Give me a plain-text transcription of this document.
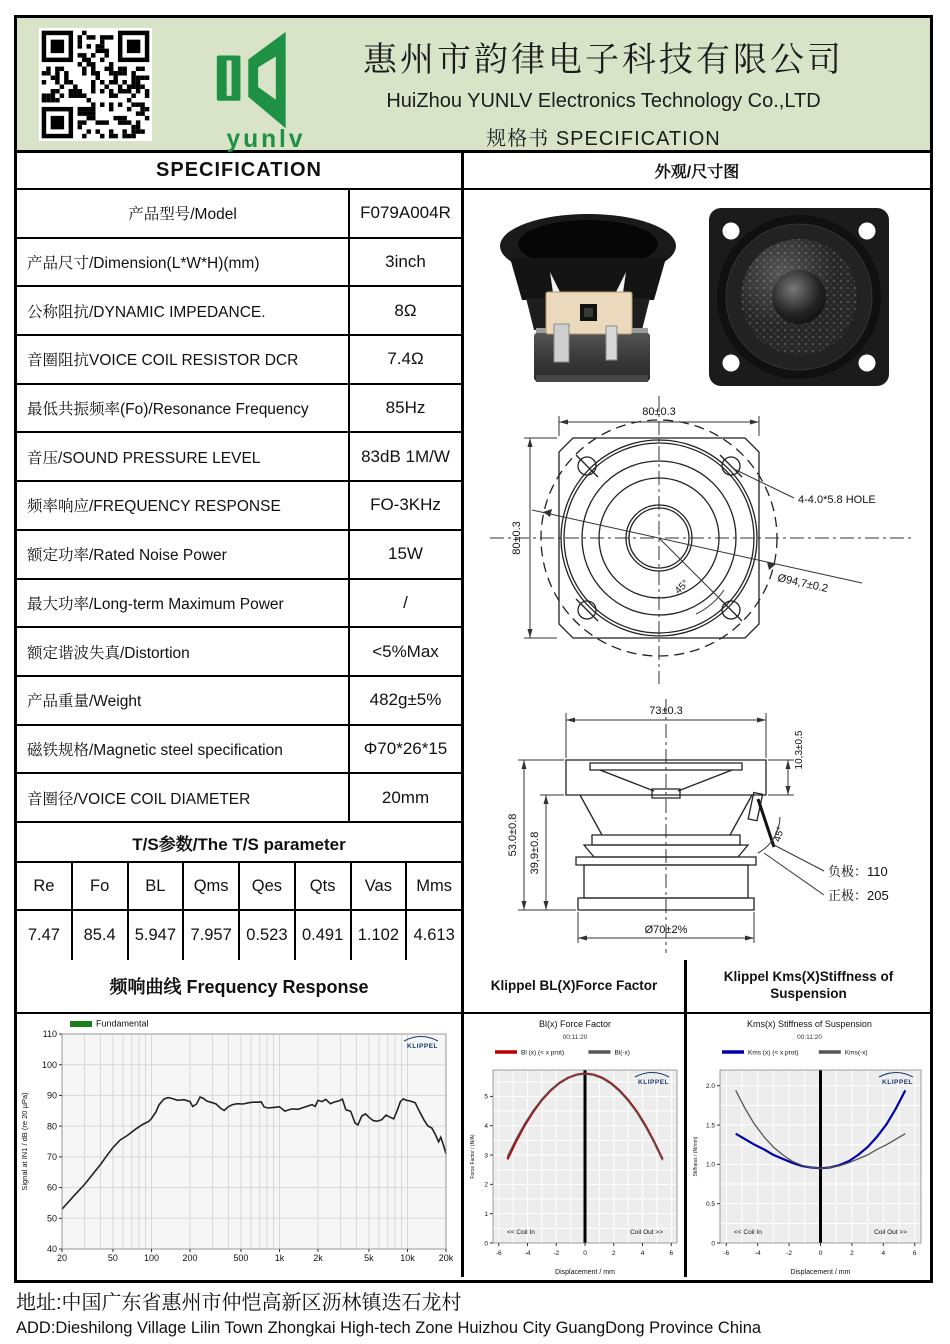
yunlv
惠州市韵律电子科技有限公司
HuiZhou YUNLV Electronics Technology Co.,LTD
规格书 SPECIFICATION
SPECIFICATION
产品型号/Model	F079A004R
产品尺寸/Dimension(L*W*H)(mm)	3inch
公称阻抗/DYNAMIC IMPEDANCE.	8Ω
音圈阻抗VOICE COIL RESISTOR DCR	7.4Ω
最低共振频率(Fo)/Resonance Frequency	85Hz
音压/SOUND PRESSURE LEVEL	83dB 1M/W
频率响应/FREQUENCY RESPONSE	FO-3KHz
额定功率/Rated Noise Power	15W
最大功率/Long-term Maximum Power	/
额定谐波失真/Distortion	<5%Max
产品重量/Weight	482g±5%
磁铁规格/Magnetic steel specification	Φ70*26*15
音圈径/VOICE COIL DIAMETER	20mm
T/S参数/The T/S parameter
Re	Fo	BL	Qms	Qes	Qts	Vas	Mms
7.47	85.4	5.947 7.957 0.523 0.491 1.102 4.613
外观/尺寸图
80±0.3
80±0.3
4-4.0*5.8 HOLE
Ø94,7±0.2
45°
73±0.3
10,3±0.5
53.0±0.8 39,9±0.8
Ø70±2%
45°
负极：110
正极：205
频响曲线 Frequency Response
20	50	100	200	500	1k	2k	5k	10k	20k
40
50
60
70
80
90
100
110
Signal at IN1 / dB (re 20 µPa)
Fundamental
KLIPPEL
Klippel BL(X)Force Factor
-6	-4	-2	0	2	4	6
0
1
2
3
4
5
Displacement / mm
Force Factor / (N/A)
Bl(x) Force Factor
00:11:20
<< Coil In	Coil Out >>
Bl (x) (< x prot)	Bl(-x)
KLIPPEL
Klippel Kms(X)Stiffness of Suspension
-6	-4	-2	0	2	4	6
0
0.5
1.0
1.5
2.0
Displacement / mm
Stiffness / (N/mm)
Kms(x) Stiffness of Suspension
00:11:20
<< Coil In	Coil Out >>
Kms (x) (< x prot)	Kms(-x)
KLIPPEL
地址:中国广东省惠州市仲恺高新区沥林镇迭石龙村
ADD:Dieshilong Village Lilin Town Zhongkai High-tech Zone Huizhou City GuangDong Province China
